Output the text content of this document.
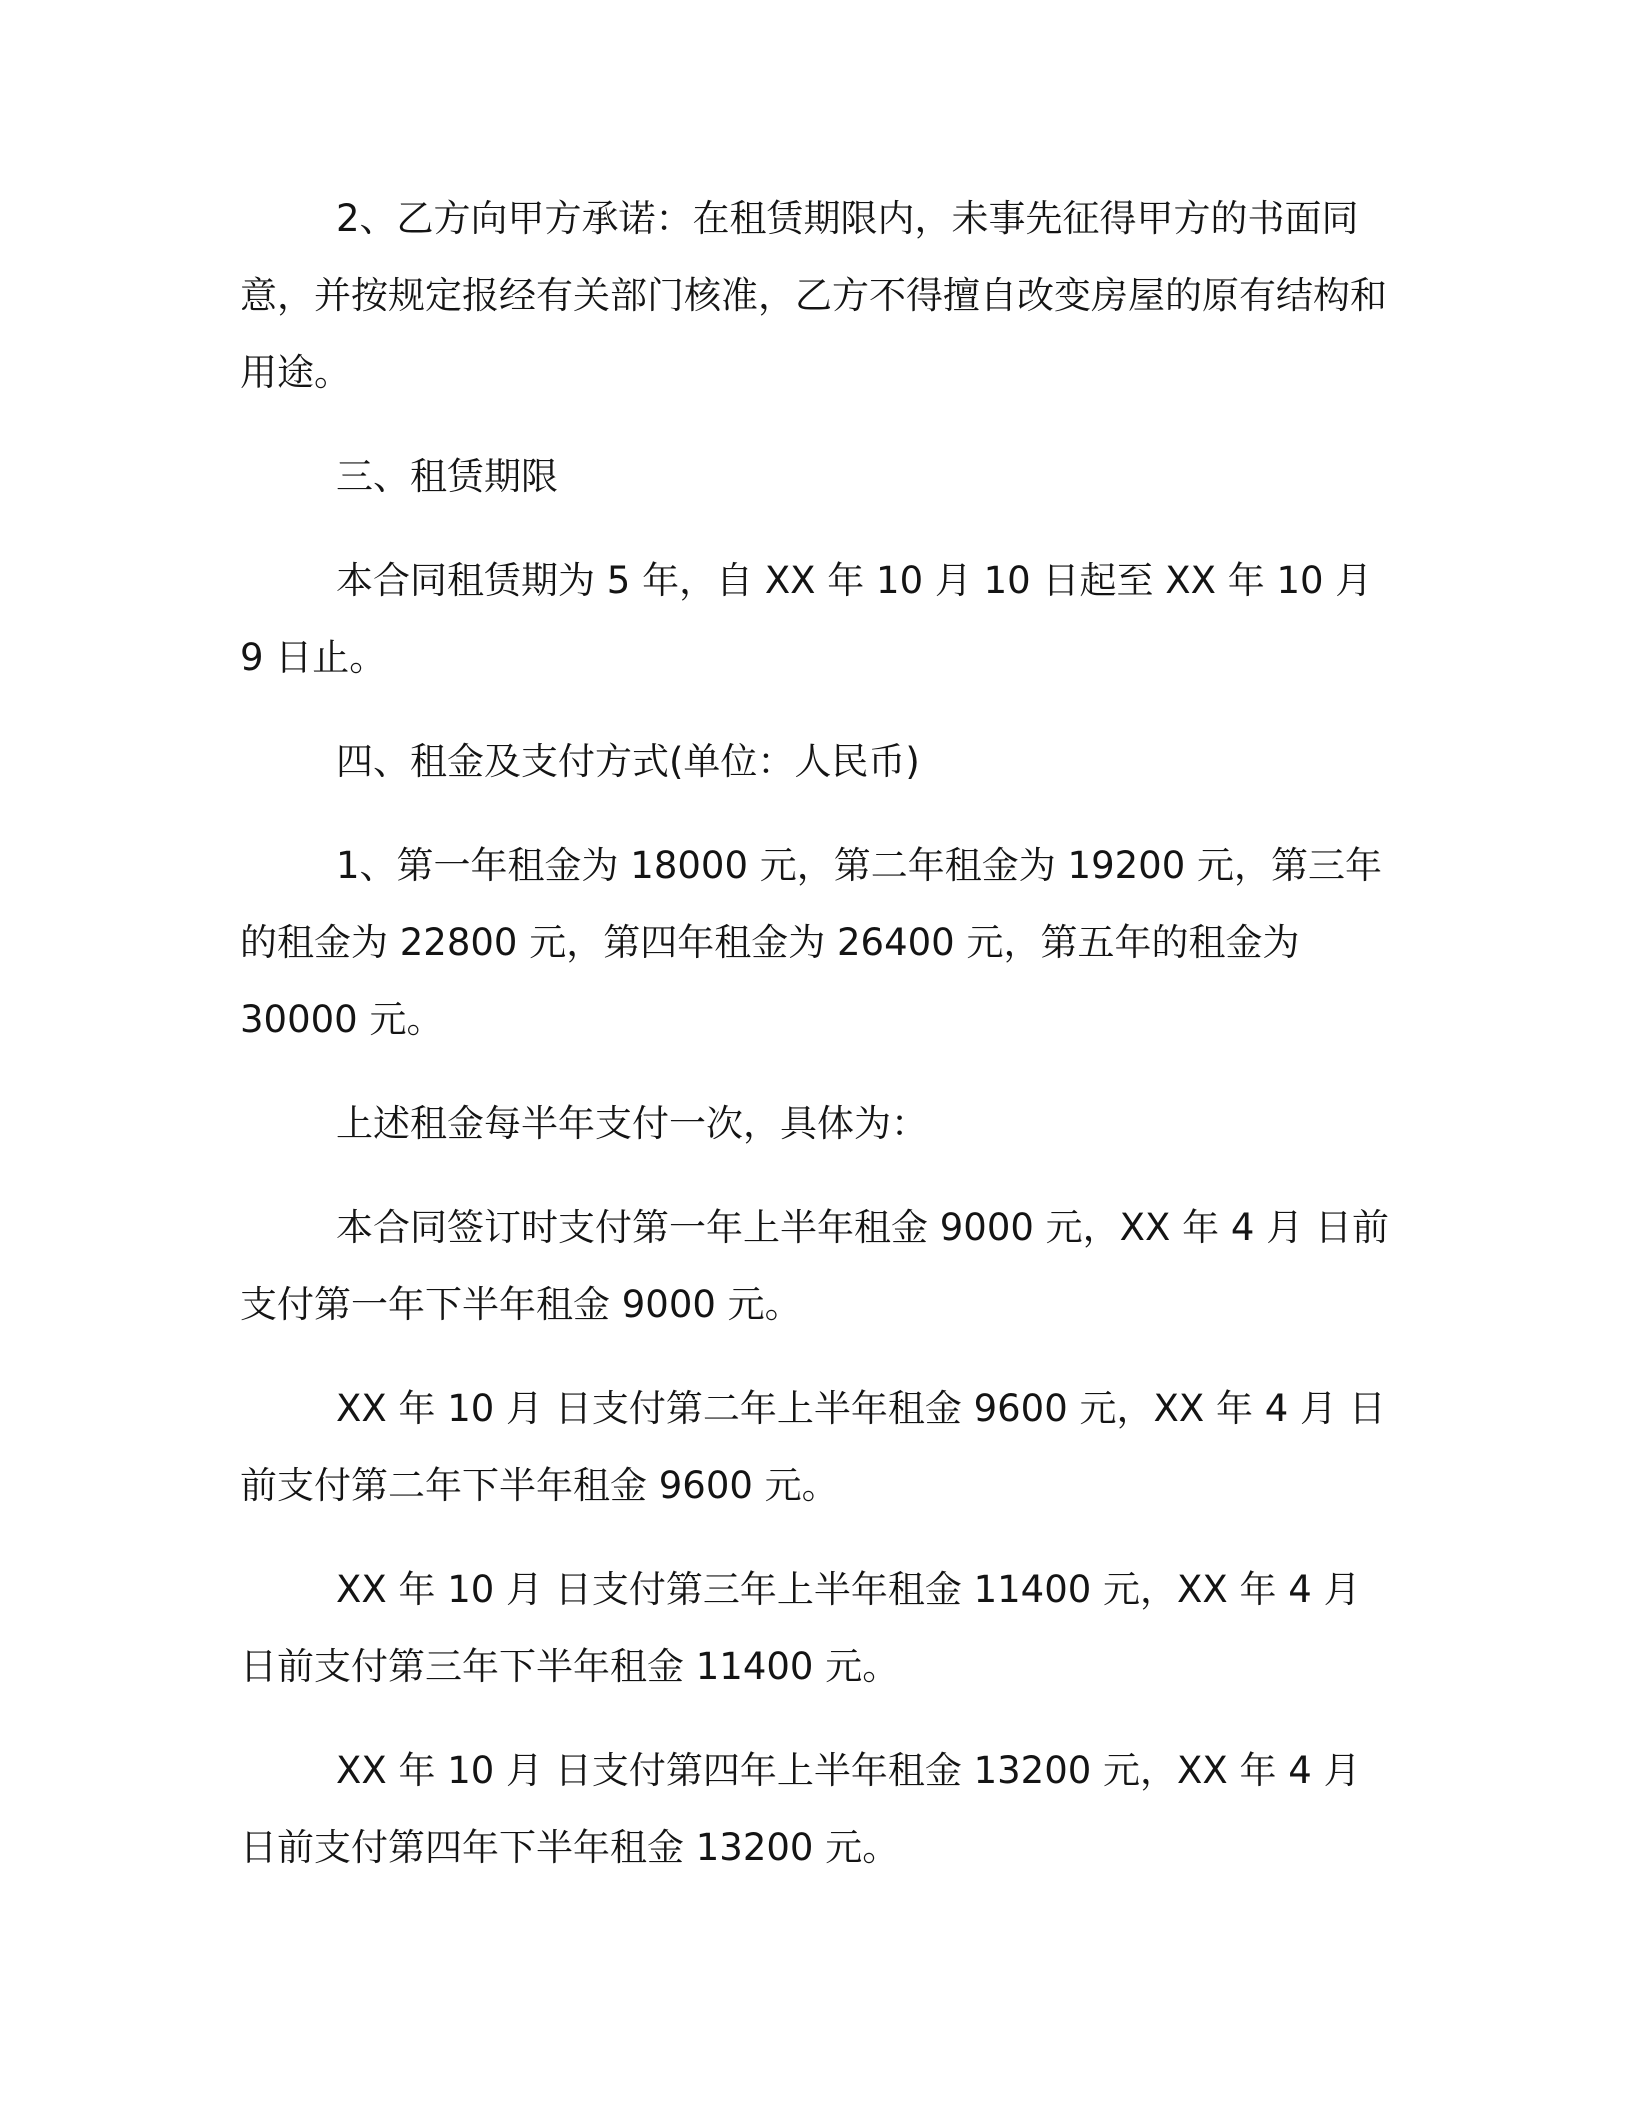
2、乙方向甲方承诺：在租赁期限内，未事先征得甲方的书面同意，并按规定报经有关部门核准，乙方不得擅自改变房屋的原有结构和用途。

三、租赁期限

本合同租赁期为 5 年，自 XX 年 10 月 10 日起至 XX 年 10 月 9 日止。

四、租金及支付方式(单位：人民币)

1、第一年租金为 18000 元，第二年租金为 19200 元，第三年的租金为 22800 元，第四年租金为 26400 元，第五年的租金为 30000 元。

上述租金每半年支付一次，具体为：

本合同签订时支付第一年上半年租金 9000 元，XX 年 4 月 日前支付第一年下半年租金 9000 元。

XX 年 10 月 日支付第二年上半年租金 9600 元，XX 年 4 月 日前支付第二年下半年租金 9600 元。

XX 年 10 月 日支付第三年上半年租金 11400 元，XX 年 4 月 日前支付第三年下半年租金 11400 元。

XX 年 10 月 日支付第四年上半年租金 13200 元，XX 年 4 月 日前支付第四年下半年租金 13200 元。
